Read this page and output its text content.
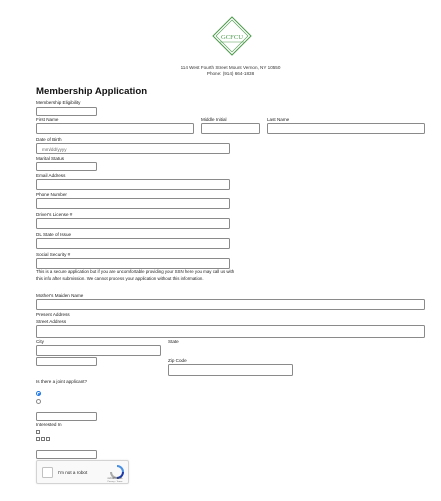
GCFCU
114 West Fourth Street Mount Vernon, NY 10550
Phone: (914) 664-1838
Membership Application
Membership Eligibility
First Name	Middle Initial	Last Name
Date of Birth
mm/dd/yyyy
Marital Status
Email Address
Phone Number
Driver's License #
DL State of Issue
Social Security #
This is a secure application but if you are uncomfortable providing your SSN here you may call us with this info after submission. We cannot process your application without this information.
Mother's Maiden Name
Present Address
Street Address
City	State
Zip Code
Is there a joint applicant?
Interested In
I'm not a robot
reCAPTCHA
Privacy - Terms
